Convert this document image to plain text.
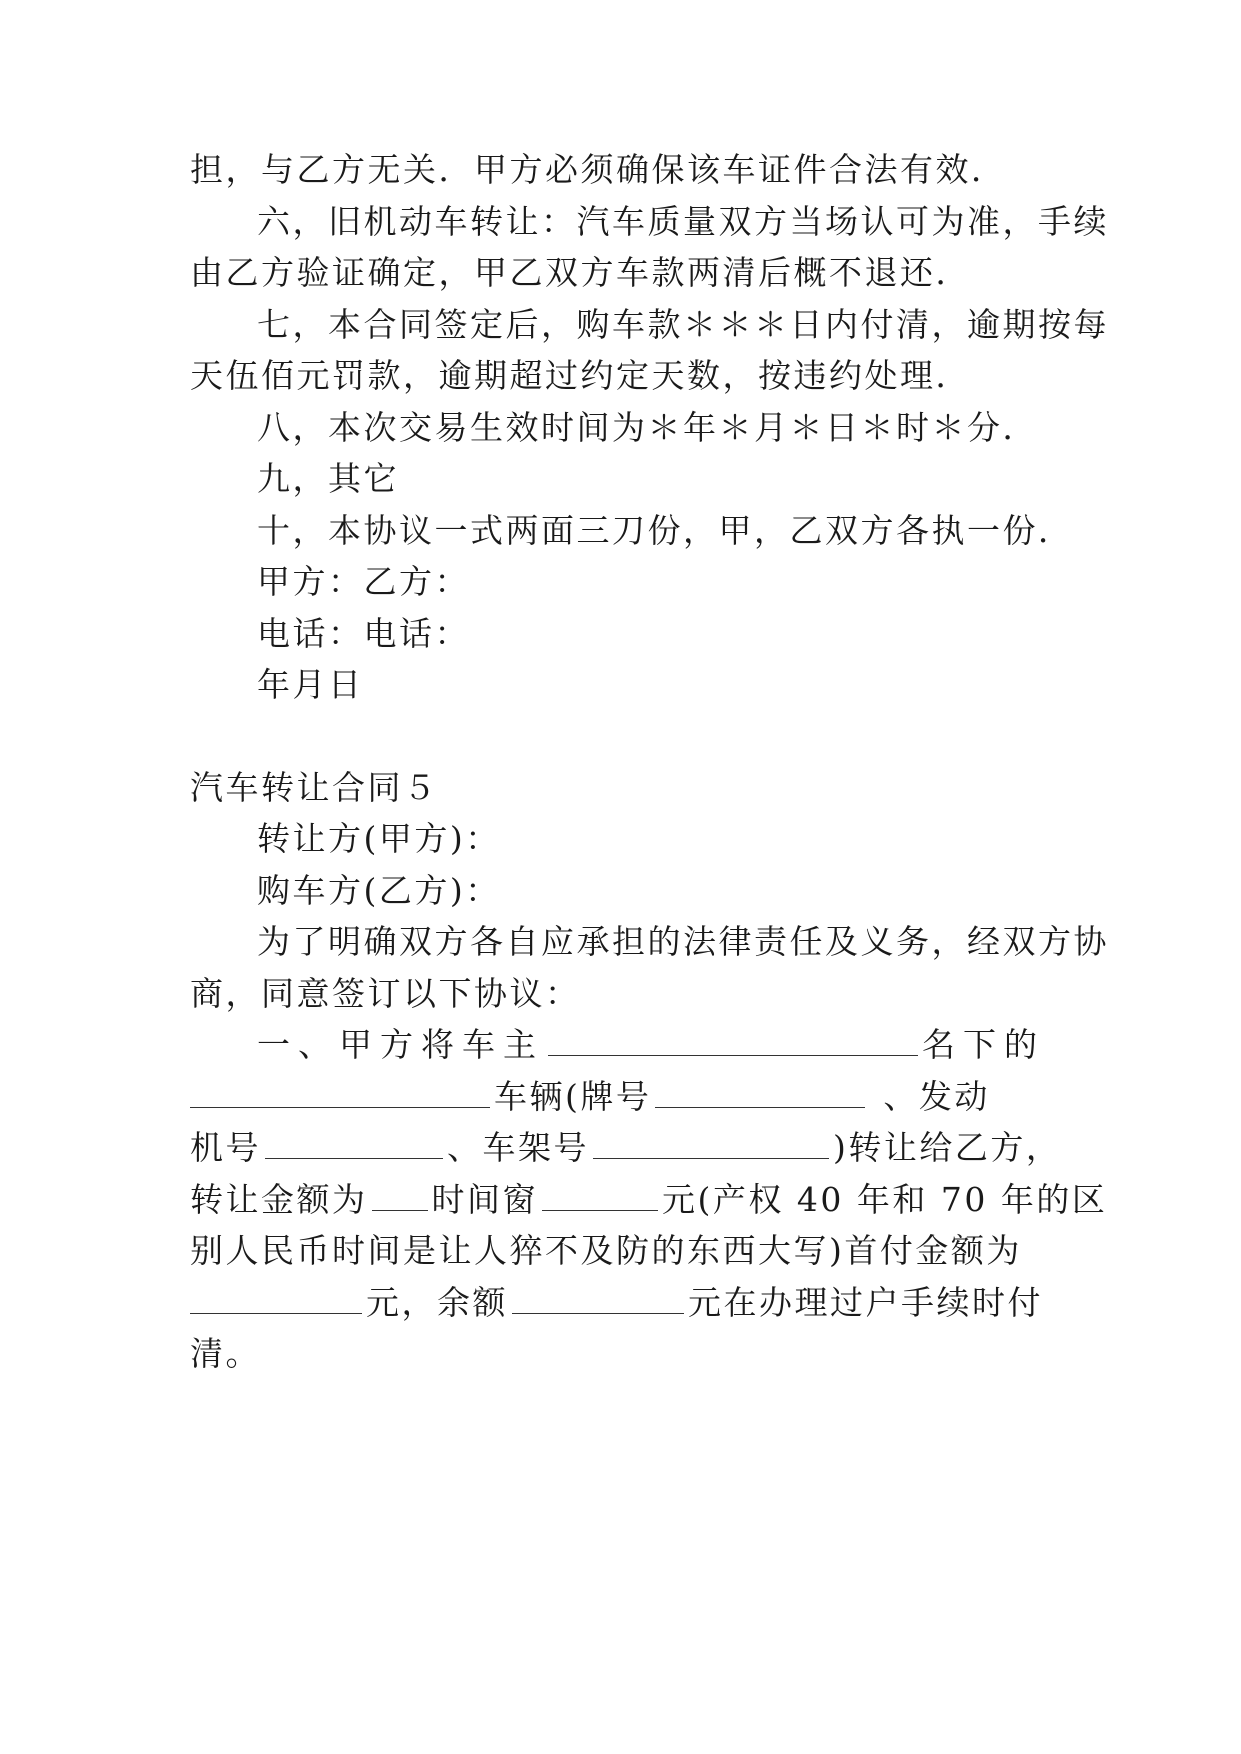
担，与乙方无关．甲方必须确保该车证件合法有效．
六，旧机动车转让：汽车质量双方当场认可为准，手续
由乙方验证确定，甲乙双方车款两清后概不退还．
七，本合同签定后，购车款＊＊＊日内付清，逾期按每
天伍佰元罚款，逾期超过约定天数，按违约处理．
八，本次交易生效时间为＊年＊月＊日＊时＊分．
九，其它
十，本协议一式两面三刀份，甲，乙双方各执一份．
甲方：乙方：
电话：电话：
年月日
汽车转让合同５
转让方(甲方)：
购车方(乙方)：
为了明确双方各自应承担的法律责任及义务，经双方协
商，同意签订以下协议：
一、甲方将车主	名下的
车辆(牌号	、发动
机号	、车架号	)转让给乙方，
转让金额为 时间窗	元(产权 40 年和 70 年的区
别人民币时间是让人猝不及防的东西大写)首付金额为
元，余额	元在办理过户手续时付
清。
